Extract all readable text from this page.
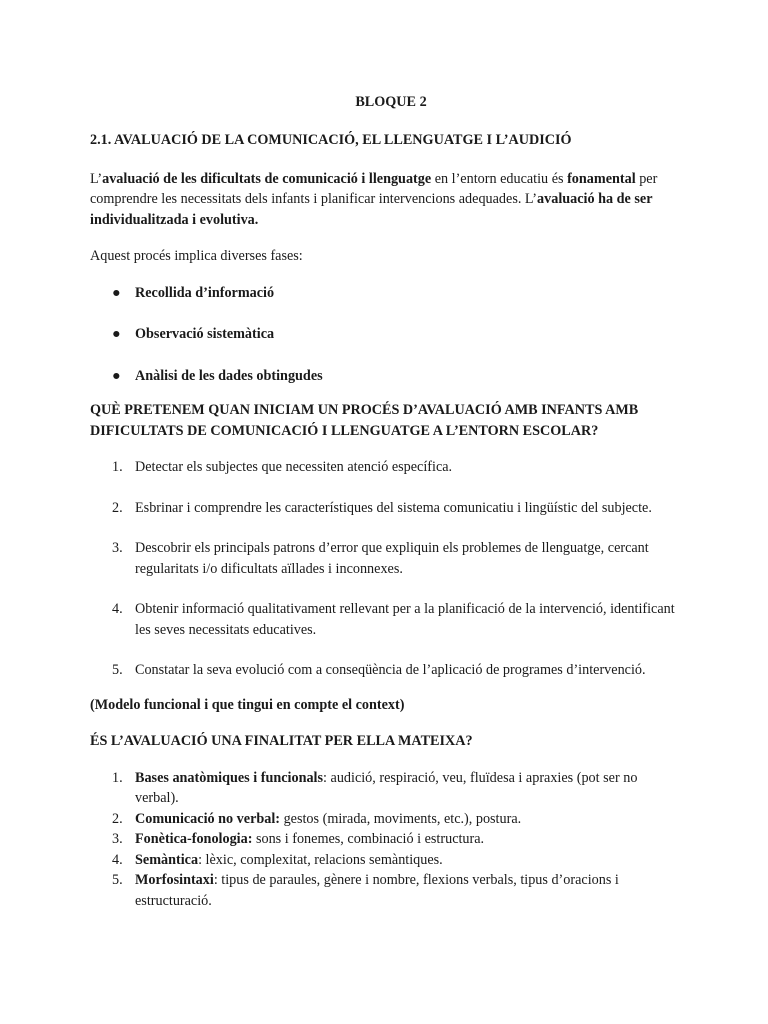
BLOQUE 2
2.1. AVALUACIÓ DE LA COMUNICACIÓ, EL LLENGUATGE I L’AUDICIÓ

L’avaluació de les dificultats de comunicació i llenguatge en l’entorn educatiu és fonamental per comprendre les necessitats dels infants i planificar intervencions adequades. L’avaluació ha de ser individualitzada i evolutiva.

Aquest procés implica diverses fases:

● Recollida d’informació
● Observació sistemàtica
● Anàlisi de les dades obtingudes
QUÈ PRETENEM QUAN INICIAM UN PROCÉS D’AVALUACIÓ AMB INFANTS AMB DIFICULTATS DE COMUNICACIÓ I LLENGUATGE A L’ENTORN ESCOLAR?
1. Detectar els subjectes que necessiten atenció específica.
2. Esbrinar i comprendre les característiques del sistema comunicatiu i lingüístic del subjecte.
3. Descobrir els principals patrons d’error que expliquin els problemes de llenguatge, cercant regularitats i/o dificultats aïllades i inconnexes.
4. Obtenir informació qualitativament rellevant per a la planificació de la intervenció, identificant les seves necessitats educatives.
5. Constatar la seva evolució com a conseqüència de l’aplicació de programes d’intervenció.

(Modelo funcional i que tingui en compte el context)

ÉS L’AVALUACIÓ UNA FINALITAT PER ELLA MATEIXA?
1. Bases anatòmiques i funcionals: audició, respiració, veu, fluïdesa i apraxies (pot ser no verbal).
2. Comunicació no verbal: gestos (mirada, moviments, etc.), postura.
3. Fonètica-fonologia: sons i fonemes, combinació i estructura.
4. Semàntica: lèxic, complexitat, relacions semàntiques.
5. Morfosintaxi: tipus de paraules, gènere i nombre, flexions verbals, tipus d’oracions i estructuració.
